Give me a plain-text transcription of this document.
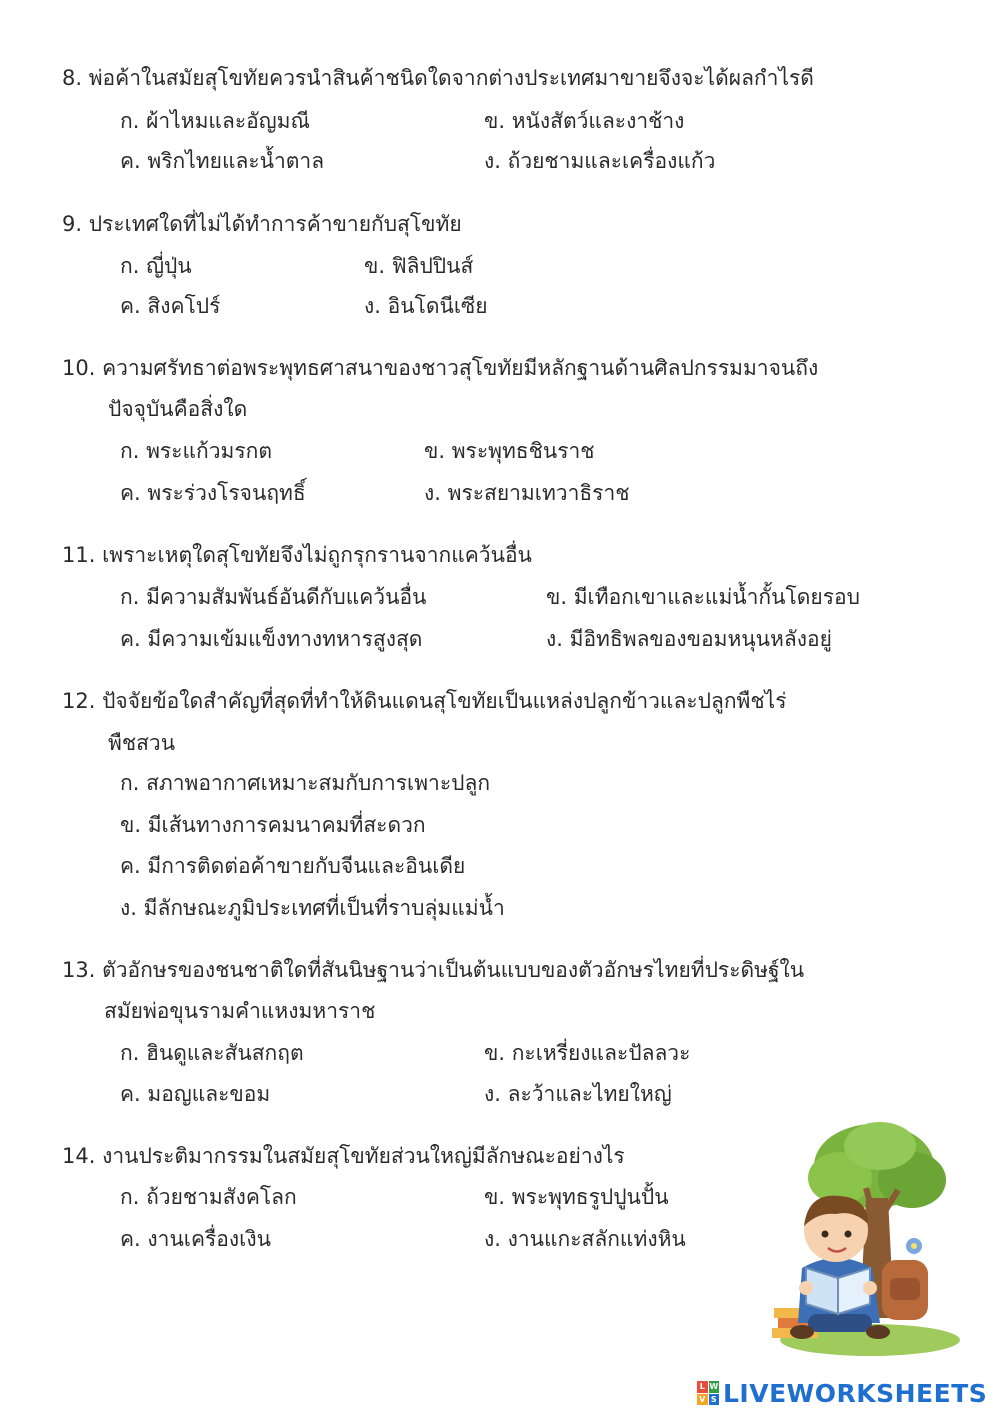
8. พ่อค้าในสมัยสุโขทัยควรนำสินค้าชนิดใดจากต่างประเทศมาขายจึงจะได้ผลกำไรดี
ก. ผ้าไหมและอัญมณี	ข. หนังสัตว์และงาช้าง
ค. พริกไทยและน้ำตาล	ง. ถ้วยชามและเครื่องแก้ว
9. ประเทศใดที่ไม่ได้ทำการค้าขายกับสุโขทัย
ก. ญี่ปุ่น	ข. ฟิลิปปินส์
ค. สิงคโปร์	ง. อินโดนีเซีย
10. ความศรัทธาต่อพระพุทธศาสนาของชาวสุโขทัยมีหลักฐานด้านศิลปกรรมมาจนถึง
ปัจจุบันคือสิ่งใด
ก. พระแก้วมรกต	ข. พระพุทธชินราช
ค. พระร่วงโรจนฤทธิ์	ง. พระสยามเทวาธิราช
11. เพราะเหตุใดสุโขทัยจึงไม่ถูกรุกรานจากแคว้นอื่น
ก. มีความสัมพันธ์อันดีกับแคว้นอื่น	ข. มีเทือกเขาและแม่น้ำกั้นโดยรอบ
ค. มีความเข้มแข็งทางทหารสูงสุด	ง. มีอิทธิพลของขอมหนุนหลังอยู่
12. ปัจจัยข้อใดสำคัญที่สุดที่ทำให้ดินแดนสุโขทัยเป็นแหล่งปลูกข้าวและปลูกพืชไร่
พืชสวน
ก. สภาพอากาศเหมาะสมกับการเพาะปลูก
ข. มีเส้นทางการคมนาคมที่สะดวก
ค. มีการติดต่อค้าขายกับจีนและอินเดีย
ง. มีลักษณะภูมิประเทศที่เป็นที่ราบลุ่มแม่น้ำ
13. ตัวอักษรของชนชาติใดที่สันนิษฐานว่าเป็นต้นแบบของตัวอักษรไทยที่ประดิษฐ์ใน
สมัยพ่อขุนรามคำแหงมหาราช
ก. ฮินดูและสันสกฤต	ข. กะเหรี่ยงและปัลลวะ
ค. มอญและขอม	ง. ละว้าและไทยใหญ่
14. งานประติมากรรมในสมัยสุโขทัยส่วนใหญ่มีลักษณะอย่างไร
ก. ถ้วยชามสังคโลก	ข. พระพุทธรูปปูนปั้น
ค. งานเครื่องเงิน	ง. งานแกะสลักแท่งหิน
L W
V S LIVEWORKSHEETS
